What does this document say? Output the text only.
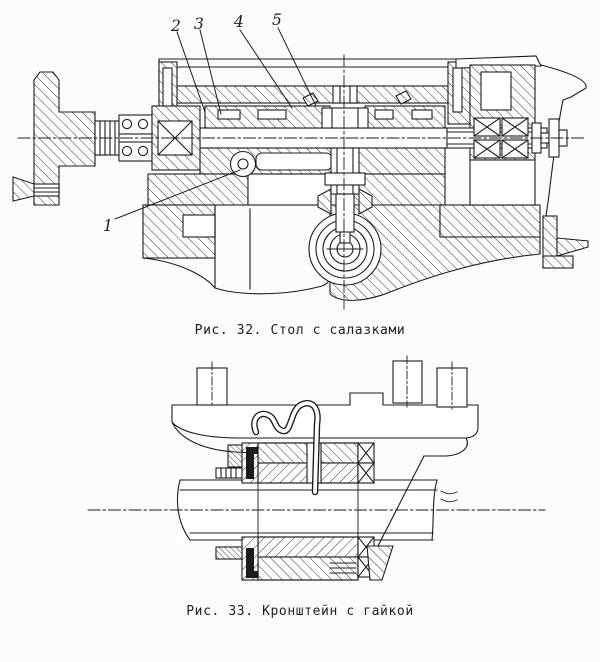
1
2 3 4 5
Рис. 32. Стол с салазками
Рис. 33. Кронштейн с гайкой
